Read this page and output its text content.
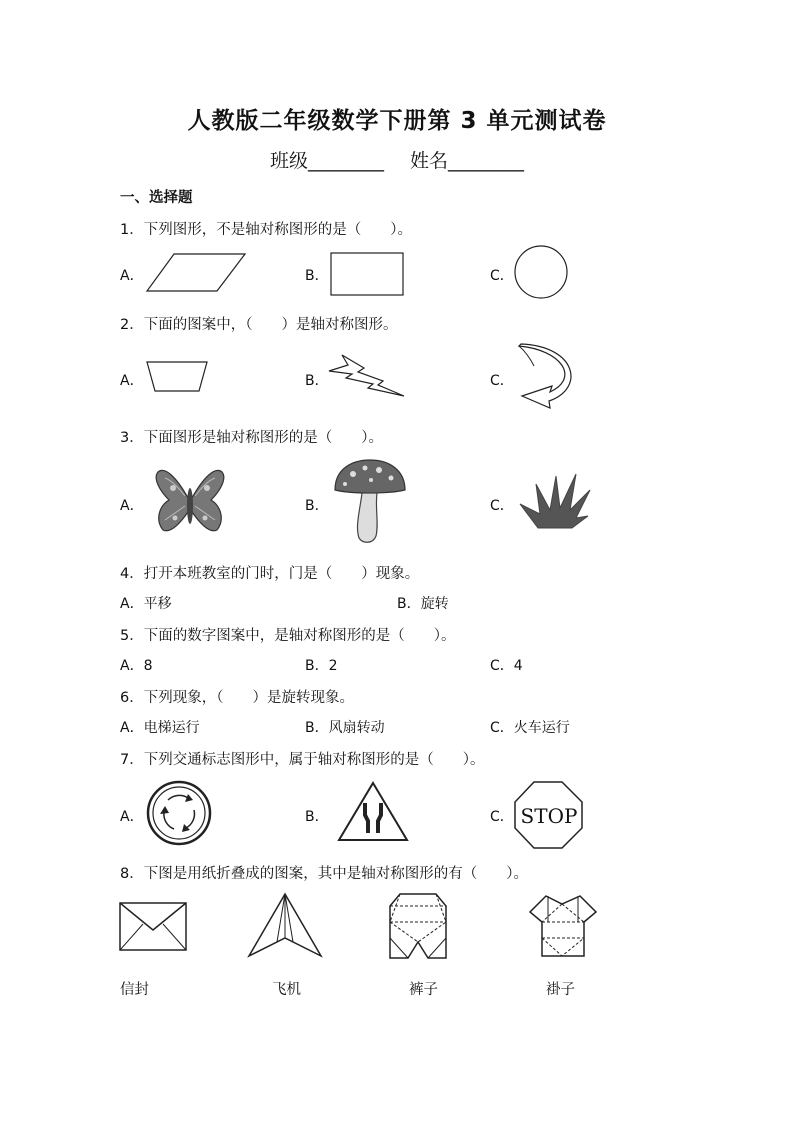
人教版二年级数学下册第 3 单元测试卷
班级________ 姓名________
一、选择题
1．下列图形，不是轴对称图形的是（　　）。
A．	B．	C．
2．下面的图案中，（　　）是轴对称图形。
A．	B．	C．
3．下面图形是轴对称图形的是（　　）。
A．	B．	C．
4．打开本班教室的门时，门是（　　）现象。
A．平移	B．旋转
5．下面的数字图案中，是轴对称图形的是（　　）。
A．8	B．2	C．4
6．下列现象，（　　）是旋转现象。
A．电梯运行	B．风扇转动	C．火车运行
7．下列交通标志图形中，属于轴对称图形的是（　　）。
A．	B．	C． STOP
8．下图是用纸折叠成的图案，其中是轴对称图形的有（　　）。
信封	飞机	裤子	褂子
